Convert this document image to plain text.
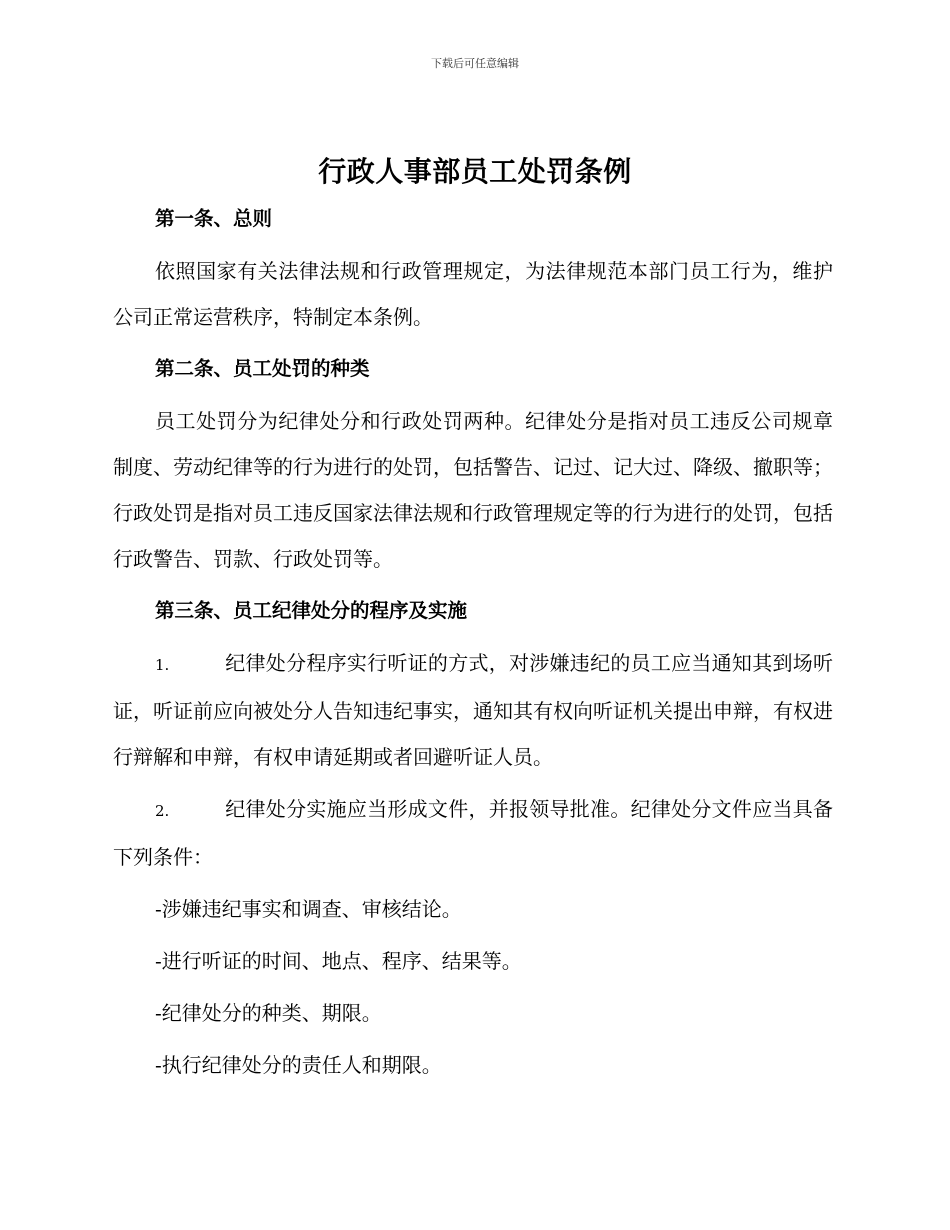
下载后可任意编辑
行政人事部员工处罚条例
第一条、总则

依照国家有关法律法规和行政管理规定，为法律规范本部门员工行为，维护公司正常运营秩序，特制定本条例。

第二条、员工处罚的种类

员工处罚分为纪律处分和行政处罚两种。纪律处分是指对员工违反公司规章制度、劳动纪律等的行为进行的处罚，包括警告、记过、记大过、降级、撤职等；行政处罚是指对员工违反国家法律法规和行政管理规定等的行为进行的处罚，包括行政警告、罚款、行政处罚等。

第三条、员工纪律处分的程序及实施

1.	纪律处分程序实行听证的方式，对涉嫌违纪的员工应当通知其到场听证，听证前应向被处分人告知违纪事实，通知其有权向听证机关提出申辩，有权进行辩解和申辩，有权申请延期或者回避听证人员。

2.	纪律处分实施应当形成文件，并报领导批准。纪律处分文件应当具备下列条件：

-涉嫌违纪事实和调查、审核结论。

-进行听证的时间、地点、程序、结果等。

-纪律处分的种类、期限。

-执行纪律处分的责任人和期限。
